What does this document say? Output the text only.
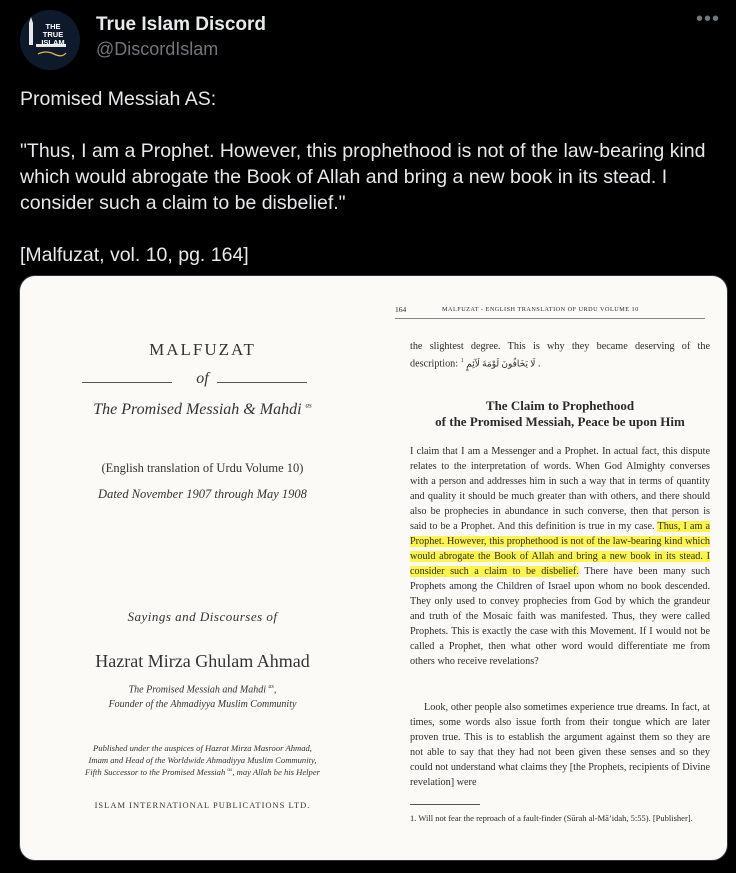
THE
TRUE
ISLAM
True Islam Discord
@DiscordIslam
•••

Promised Messiah AS:

"Thus, I am a Prophet. However, this prophethood is not of the law-bearing kind which would abrogate the Book of Allah and bring a new book in its stead. I consider such a claim to be disbelief."

[Malfuzat, vol. 10, pg. 164]

MALFUZAT
of
The Promised Messiah & Mahdi $^{as}$
(English translation of Urdu Volume 10)
Dated November 1907 through May 1908
Sayings and Discourses of
Hazrat Mirza Ghulam Ahmad
The Promised Messiah and Mahdi $^{as}$,
Founder of the Ahmadiyya Muslim Community
Published under the auspices of Hazrat Mirza Masroor Ahmad,
Imam and Head of the Worldwide Ahmadiyya Muslim Community,
Fifth Successor to the Promised Messiah $^{as}$, may Allah be his Helper
ISLAM INTERNATIONAL PUBLICATIONS LTD.
164	MALFUZAT - ENGLISH TRANSLATION OF URDU VOLUME 10
the slightest degree. This is why they became deserving of the description: $^1$ لَا يَخَافُونَ لَوْمَةَ لَآئِمٍ .
The Claim to Prophethood
of the Promised Messiah, Peace be upon Him
I claim that I am a Messenger and a Prophet. In actual fact, this dispute relates to the interpretation of words. When God Almighty converses with a person and addresses him in such a way that in terms of quantity and quality it should be much greater than with others, and there should also be prophecies in abundance in such converse, then that person is said to be a Prophet. And this definition is true in my case. Thus, I am a Prophet. However, this prophethood is not of the law-bearing kind which would abrogate the Book of Allah and bring a new book in its stead. I consider such a claim to be disbelief. There have been many such Prophets among the Children of Israel upon whom no book descended. They only used to convey prophecies from God by which the grandeur and truth of the Mosaic faith was manifested. Thus, they were called Prophets. This is exactly the case with this Movement. If I would not be called a Prophet, then what other word would differentiate me from others who receive revelations?
Look, other people also sometimes experience true dreams. In fact, at times, some words also issue forth from their tongue which are later proven true. This is to establish the argument against them so they are not able to say that they had not been given these senses and so they could not understand what claims they [the Prophets, recipients of Divine revelation] were
1. Will not fear the reproach of a fault-finder (Sūrah al-Mā’idah, 5:55). [Publisher].
